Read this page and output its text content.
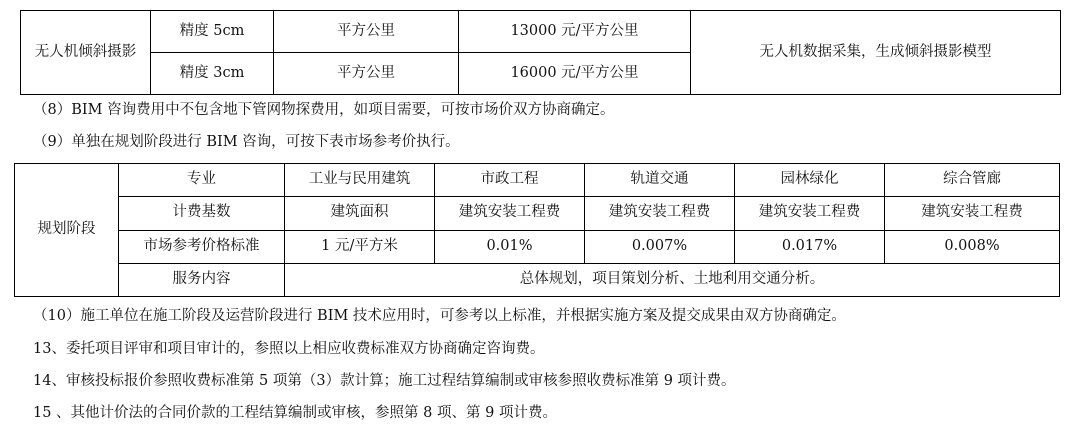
无人机倾斜摄影	精度 5cm	平方公里	13000 元/平方公里	无人机数据采集，生成倾斜摄影模型
	精度 3cm	平方公里	16000 元/平方公里	
（8）BIM 咨询费用中不包含地下管网物探费用，如项目需要，可按市场价双方协商确定。
（9）单独在规划阶段进行 BIM 咨询，可按下表市场参考价执行。
规划阶段	专业	工业与民用建筑	市政工程	轨道交通	园林绿化	综合管廊
	计费基数	建筑面积	建筑安装工程费	建筑安装工程费	建筑安装工程费	建筑安装工程费
	市场参考价格标准	1 元/平方米	0.01%	0.007%	0.017%	0.008%
	服务内容	总体规划，项目策划分析、土地利用交通分析。				
（10）施工单位在施工阶段及运营阶段进行 BIM 技术应用时，可参考以上标准，并根据实施方案及提交成果由双方协商确定。
13、委托项目评审和项目审计的，参照以上相应收费标准双方协商确定咨询费。
14、审核投标报价参照收费标准第 5 项第（3）款计算；施工过程结算编制或审核参照收费标准第 9 项计费。
15 、其他计价法的合同价款的工程结算编制或审核，参照第 8 项、第 9 项计费。
